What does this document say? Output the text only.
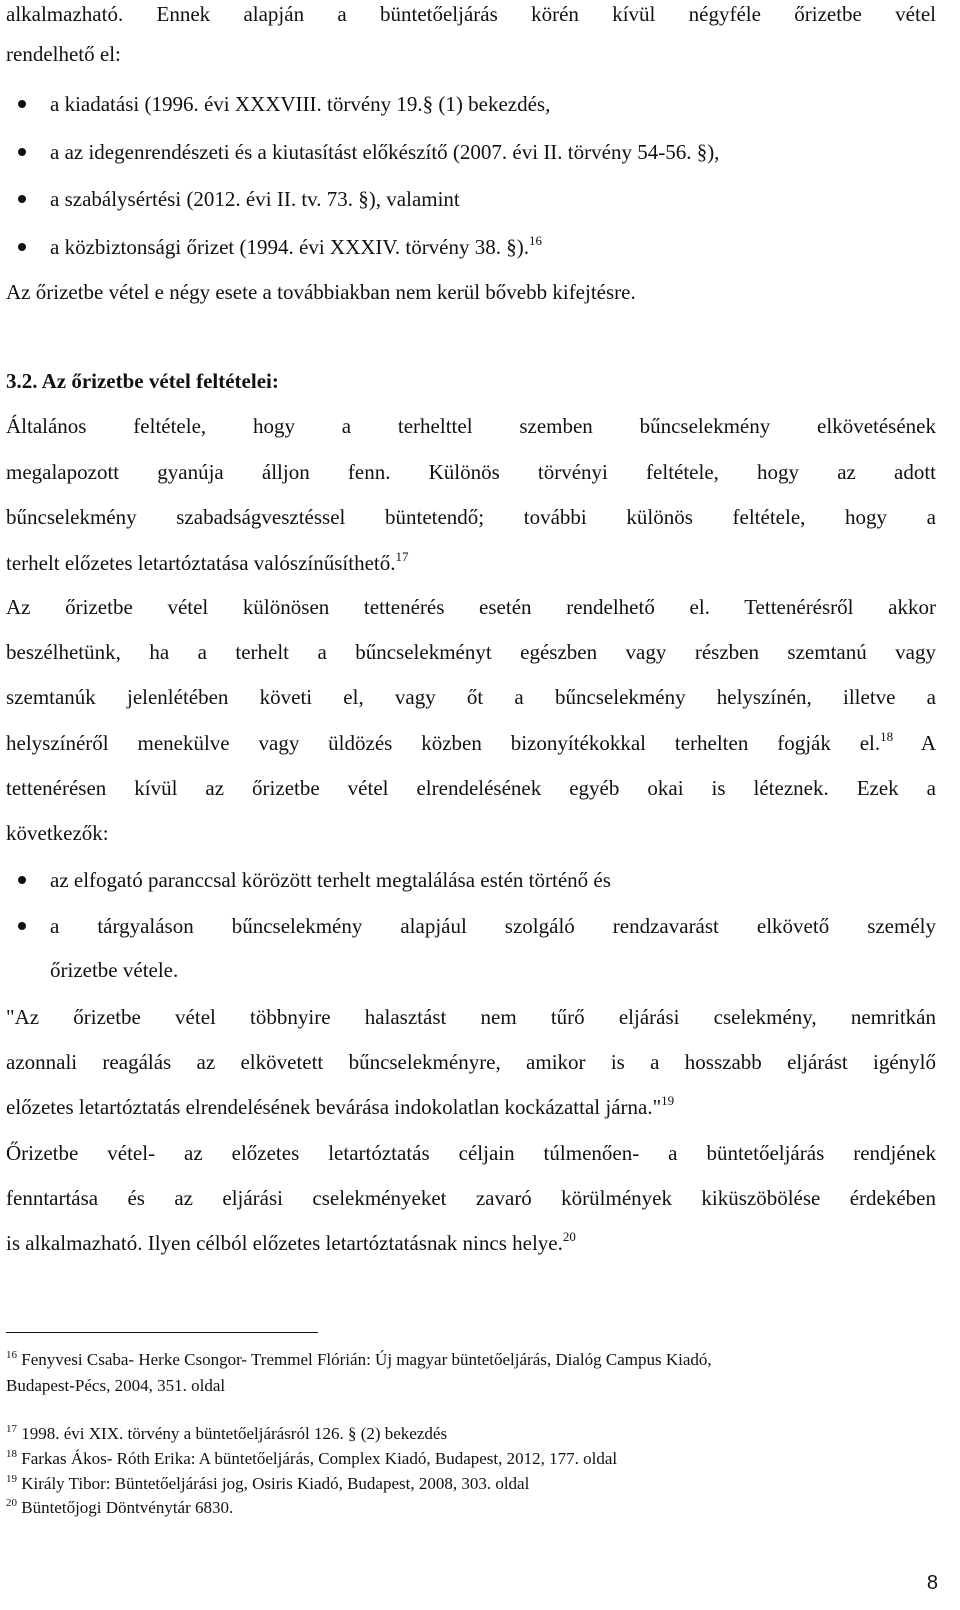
alkalmazható. Ennek alapján a büntetőeljárás körén kívül négyféle őrizetbe vétel
rendelhető el:
a kiadatási (1996. évi XXXVIII. törvény 19.§ (1) bekezdés,
a az idegenrendészeti és a kiutasítást előkészítő (2007. évi II. törvény 54-56. §),
a szabálysértési (2012. évi II. tv. 73. §), valamint
a közbiztonsági őrizet (1994. évi XXXIV. törvény 38. §).$^{16}$
Az őrizetbe vétel e négy esete a továbbiakban nem kerül bővebb kifejtésre.
3.2. Az őrizetbe vétel feltételei:
Általános feltétele, hogy a terhelttel szemben bűncselekmény elkövetésének
megalapozott gyanúja álljon fenn. Különös törvényi feltétele, hogy az adott
bűncselekmény szabadságvesztéssel büntetendő; további különös feltétele, hogy a
terhelt előzetes letartóztatása valószínűsíthető.$^{17}$
Az őrizetbe vétel különösen tettenérés esetén rendelhető el. Tettenérésről akkor
beszélhetünk, ha a terhelt a bűncselekményt egészben vagy részben szemtanú vagy
szemtanúk jelenlétében követi el, vagy őt a bűncselekmény helyszínén, illetve a
helyszínéről menekülve vagy üldözés közben bizonyítékokkal terhelten fogják el.$^{18}$ A
tettenérésen kívül az őrizetbe vétel elrendelésének egyéb okai is léteznek. Ezek a
következők:
az elfogató paranccsal körözött terhelt megtalálása estén történő és
a tárgyaláson bűncselekmény alapjául szolgáló rendzavarást elkövető személy
őrizetbe vétele.
"Az őrizetbe vétel többnyire halasztást nem tűrő eljárási cselekmény, nemritkán
azonnali reagálás az elkövetett bűncselekményre, amikor is a hosszabb eljárást igénylő
előzetes letartóztatás elrendelésének bevárása indokolatlan kockázattal járna."$^{19}$
Őrizetbe vétel- az előzetes letartóztatás céljain túlmenően- a büntetőeljárás rendjének
fenntartása és az eljárási cselekményeket zavaró körülmények kiküszöbölése érdekében
is alkalmazható. Ilyen célból előzetes letartóztatásnak nincs helye.$^{20}$
$^{16}$ Fenyvesi Csaba- Herke Csongor- Tremmel Flórián: Új magyar büntetőeljárás, Dialóg Campus Kiadó,
Budapest-Pécs, 2004, 351. oldal
$^{17}$ 1998. évi XIX. törvény a büntetőeljárásról 126. § (2) bekezdés
$^{18}$ Farkas Ákos- Róth Erika: A büntetőeljárás, Complex Kiadó, Budapest, 2012, 177. oldal
$^{19}$ Király Tibor: Büntetőeljárási jog, Osiris Kiadó, Budapest, 2008, 303. oldal
$^{20}$ Büntetőjogi Döntvénytár 6830.
8
